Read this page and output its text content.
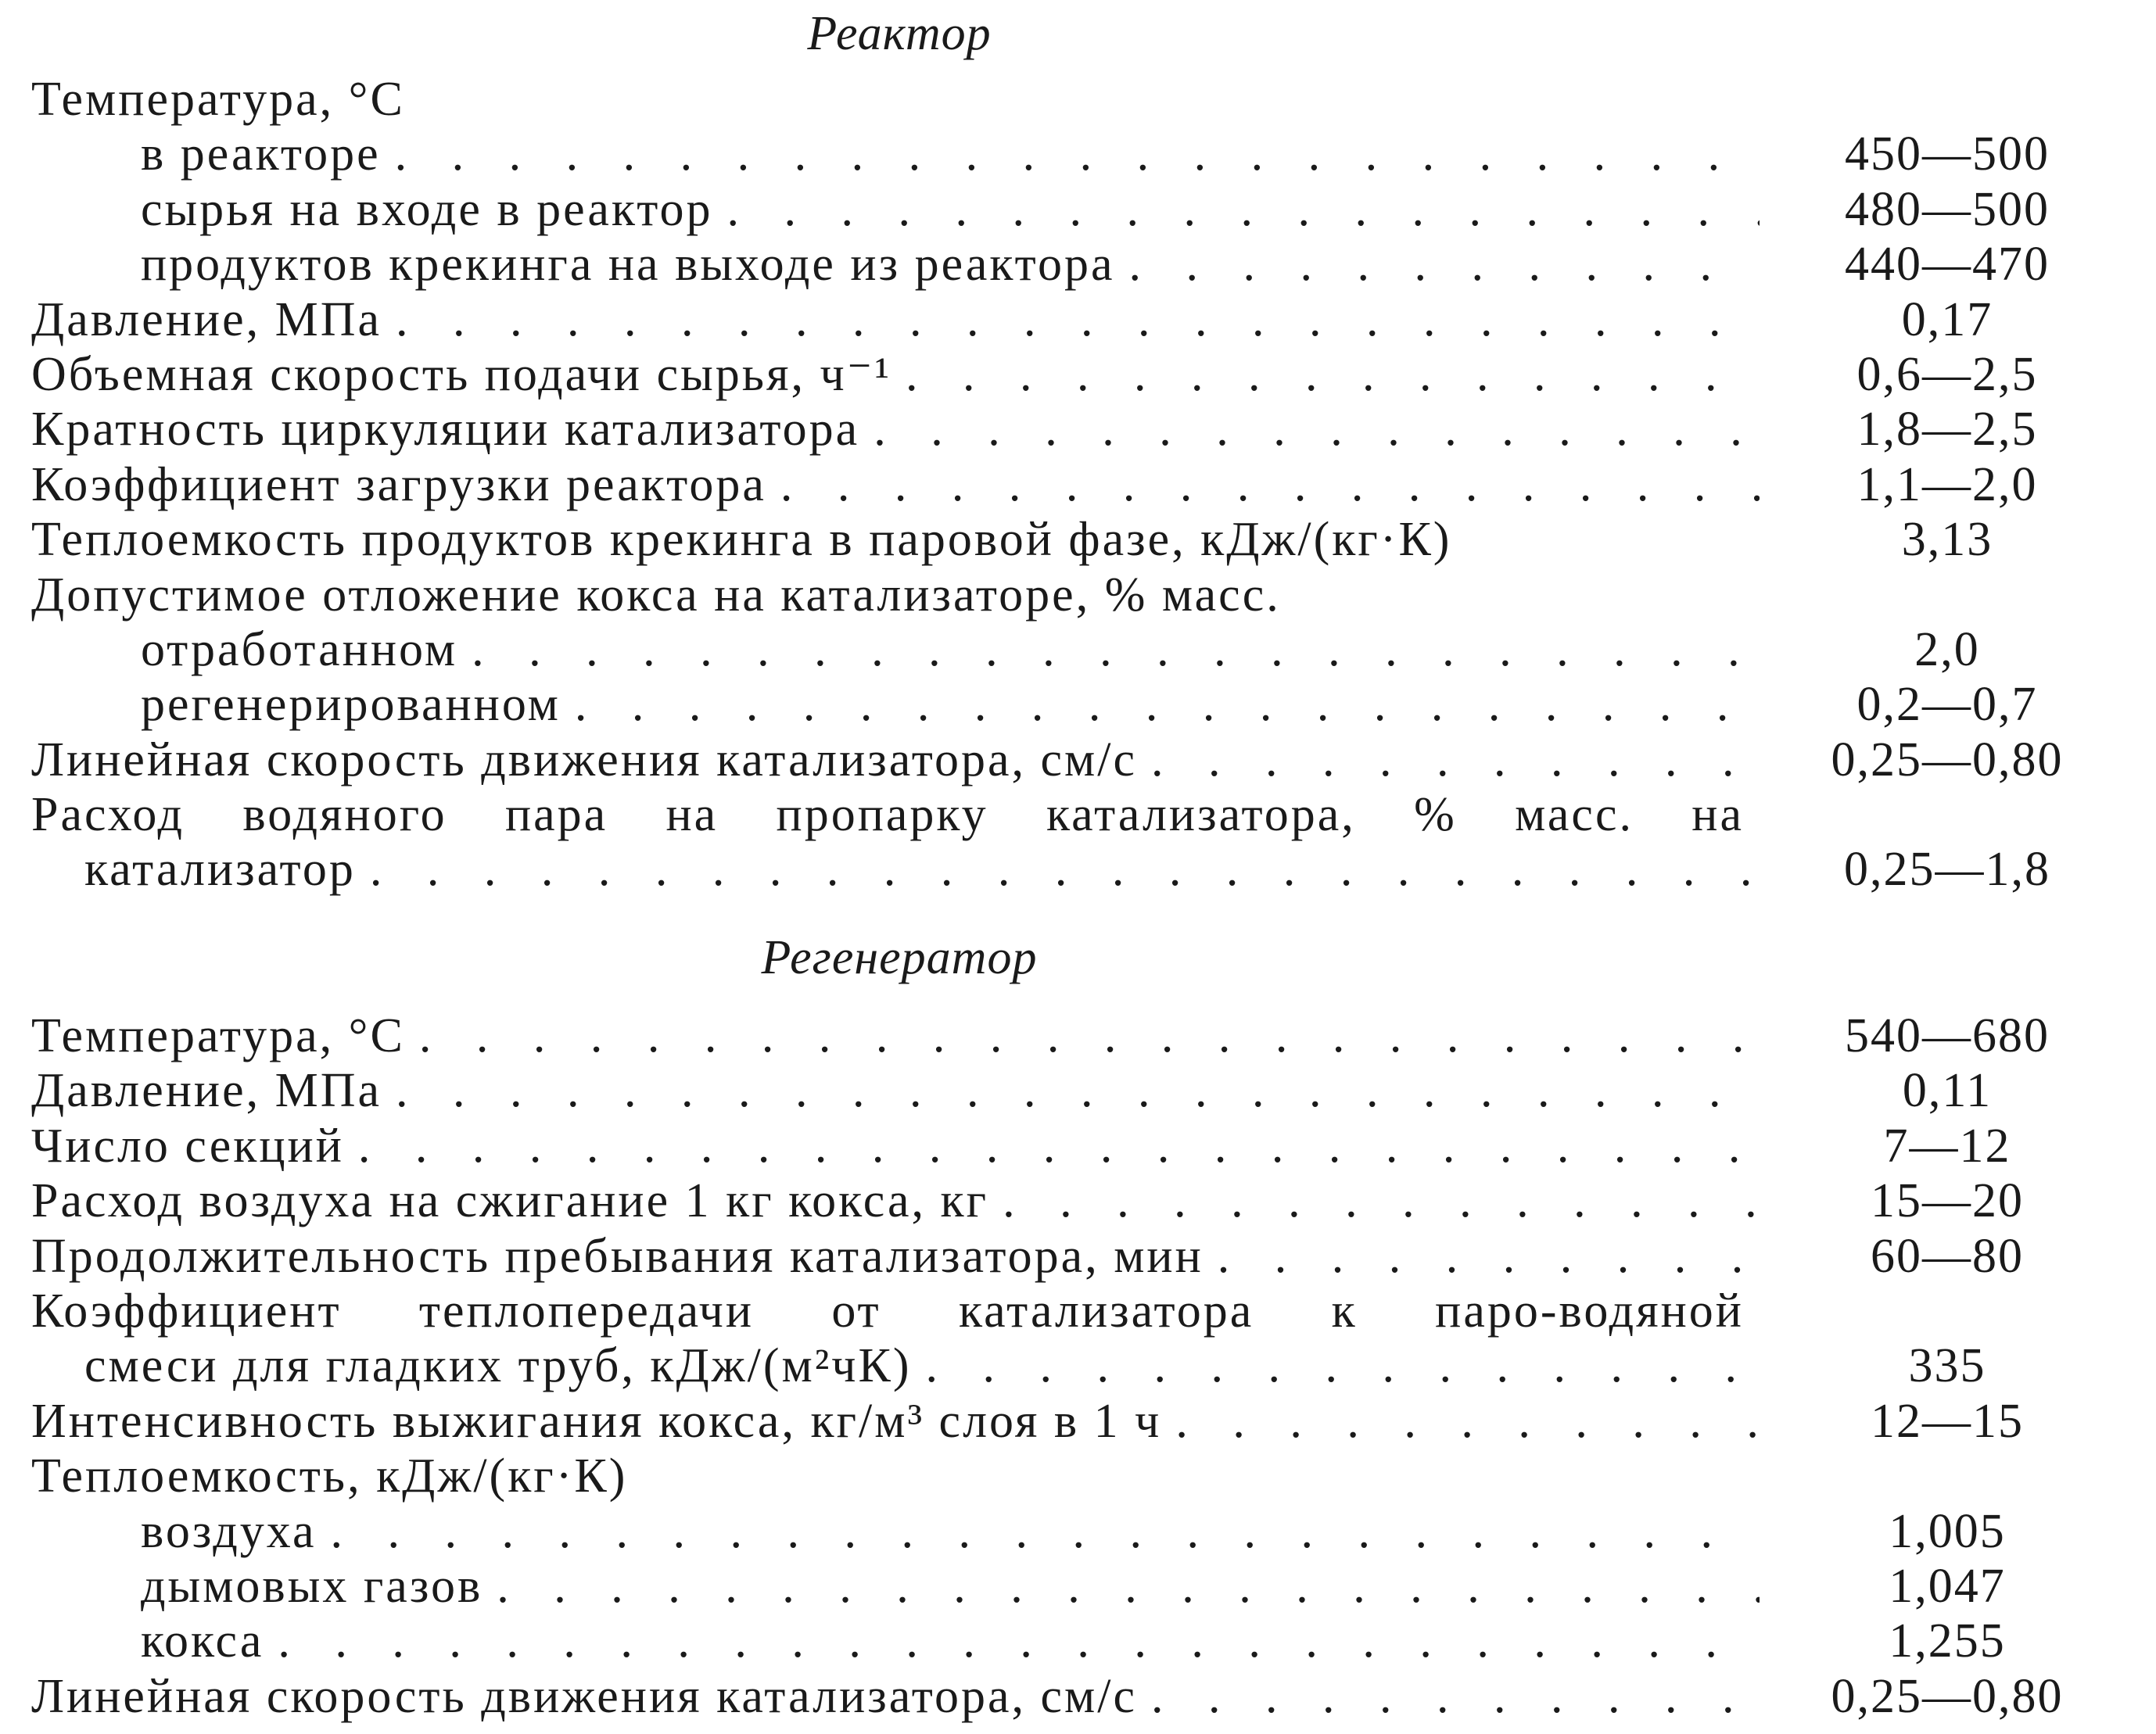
Реактор
Температура, °C
в реакторе . . .	450—500
сырья на входе в реактор . . .	480—500
продуктов крекинга на выходе из реактора . . .	440—470
Давление, МПа . . .	0,17
Объемная скорость подачи сырья, ч⁻¹ . . .	0,6—2,5
Кратность циркуляции катализатора . . .	1,8—2,5
Коэффициент загрузки реактора . . .	1,1—2,0
Теплоемкость продуктов крекинга в паровой фазе, кДж/(кг·К)	3,13
Допустимое отложение кокса на катализаторе, % масс.
отработанном . . .	2,0
регенерированном . . .	0,2—0,7
Линейная скорость движения катализатора, см/с . . .	0,25—0,80
Расход водяного пара на пропарку катализатора, % масс. на
катализатор . . .	0,25—1,8
Регенератор
Температура, °C . . .	540—680
Давление, МПа . . .	0,11
Число секций . . .	7—12
Расход воздуха на сжигание 1 кг кокса, кг . . .	15—20
Продолжительность пребывания катализатора, мин . . .	60—80
Коэффициент теплопередачи от катализатора к паро-водяной
смеси для гладких труб, кДж/(м²чК) . . .	335
Интенсивность выжигания кокса, кг/м³ слоя в 1 ч . . .	12—15
Теплоемкость, кДж/(кг·К)
воздуха . . .	1,005
дымовых газов . . .	1,047
кокса . . .	1,255
Линейная скорость движения катализатора, см/с . . .	0,25—0,80
